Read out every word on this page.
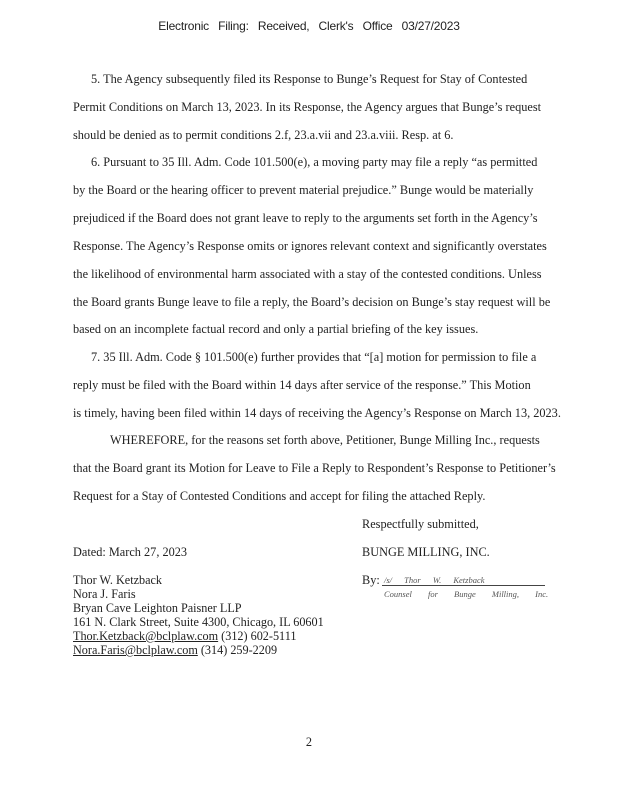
Electronic Filing: Received, Clerk's Office 03/27/2023
5. The Agency subsequently filed its Response to Bunge’s Request for Stay of Contested
Permit Conditions on March 13, 2023. In its Response, the Agency argues that Bunge’s request
should be denied as to permit conditions 2.f, 23.a.vii and 23.a.viii. Resp. at 6.
6. Pursuant to 35 Ill. Adm. Code 101.500(e), a moving party may file a reply “as permitted
by the Board or the hearing officer to prevent material prejudice.” Bunge would be materially
prejudiced if the Board does not grant leave to reply to the arguments set forth in the Agency’s
Response. The Agency’s Response omits or ignores relevant context and significantly overstates
the likelihood of environmental harm associated with a stay of the contested conditions. Unless
the Board grants Bunge leave to file a reply, the Board’s decision on Bunge’s stay request will be
based on an incomplete factual record and only a partial briefing of the key issues.
7. 35 Ill. Adm. Code § 101.500(e) further provides that “[a] motion for permission to file a
reply must be filed with the Board within 14 days after service of the response.” This Motion
is timely, having been filed within 14 days of receiving the Agency’s Response on March 13, 2023.
WHEREFORE, for the reasons set forth above, Petitioner, Bunge Milling Inc., requests
that the Board grant its Motion for Leave to File a Reply to Respondent’s Response to Petitioner’s
Request for a Stay of Contested Conditions and accept for filing the attached Reply.
Respectfully submitted,
Dated: March 27, 2023	BUNGE MILLING, INC.
By: /s/ Thor W. Ketzback
Counsel for Bunge Milling, Inc.
Thor W. Ketzback
Nora J. Faris
Bryan Cave Leighton Paisner LLP
161 N. Clark Street, Suite 4300, Chicago, IL 60601
Thor.Ketzback@bclplaw.com (312) 602-5111
Nora.Faris@bclplaw.com (314) 259-2209
2
